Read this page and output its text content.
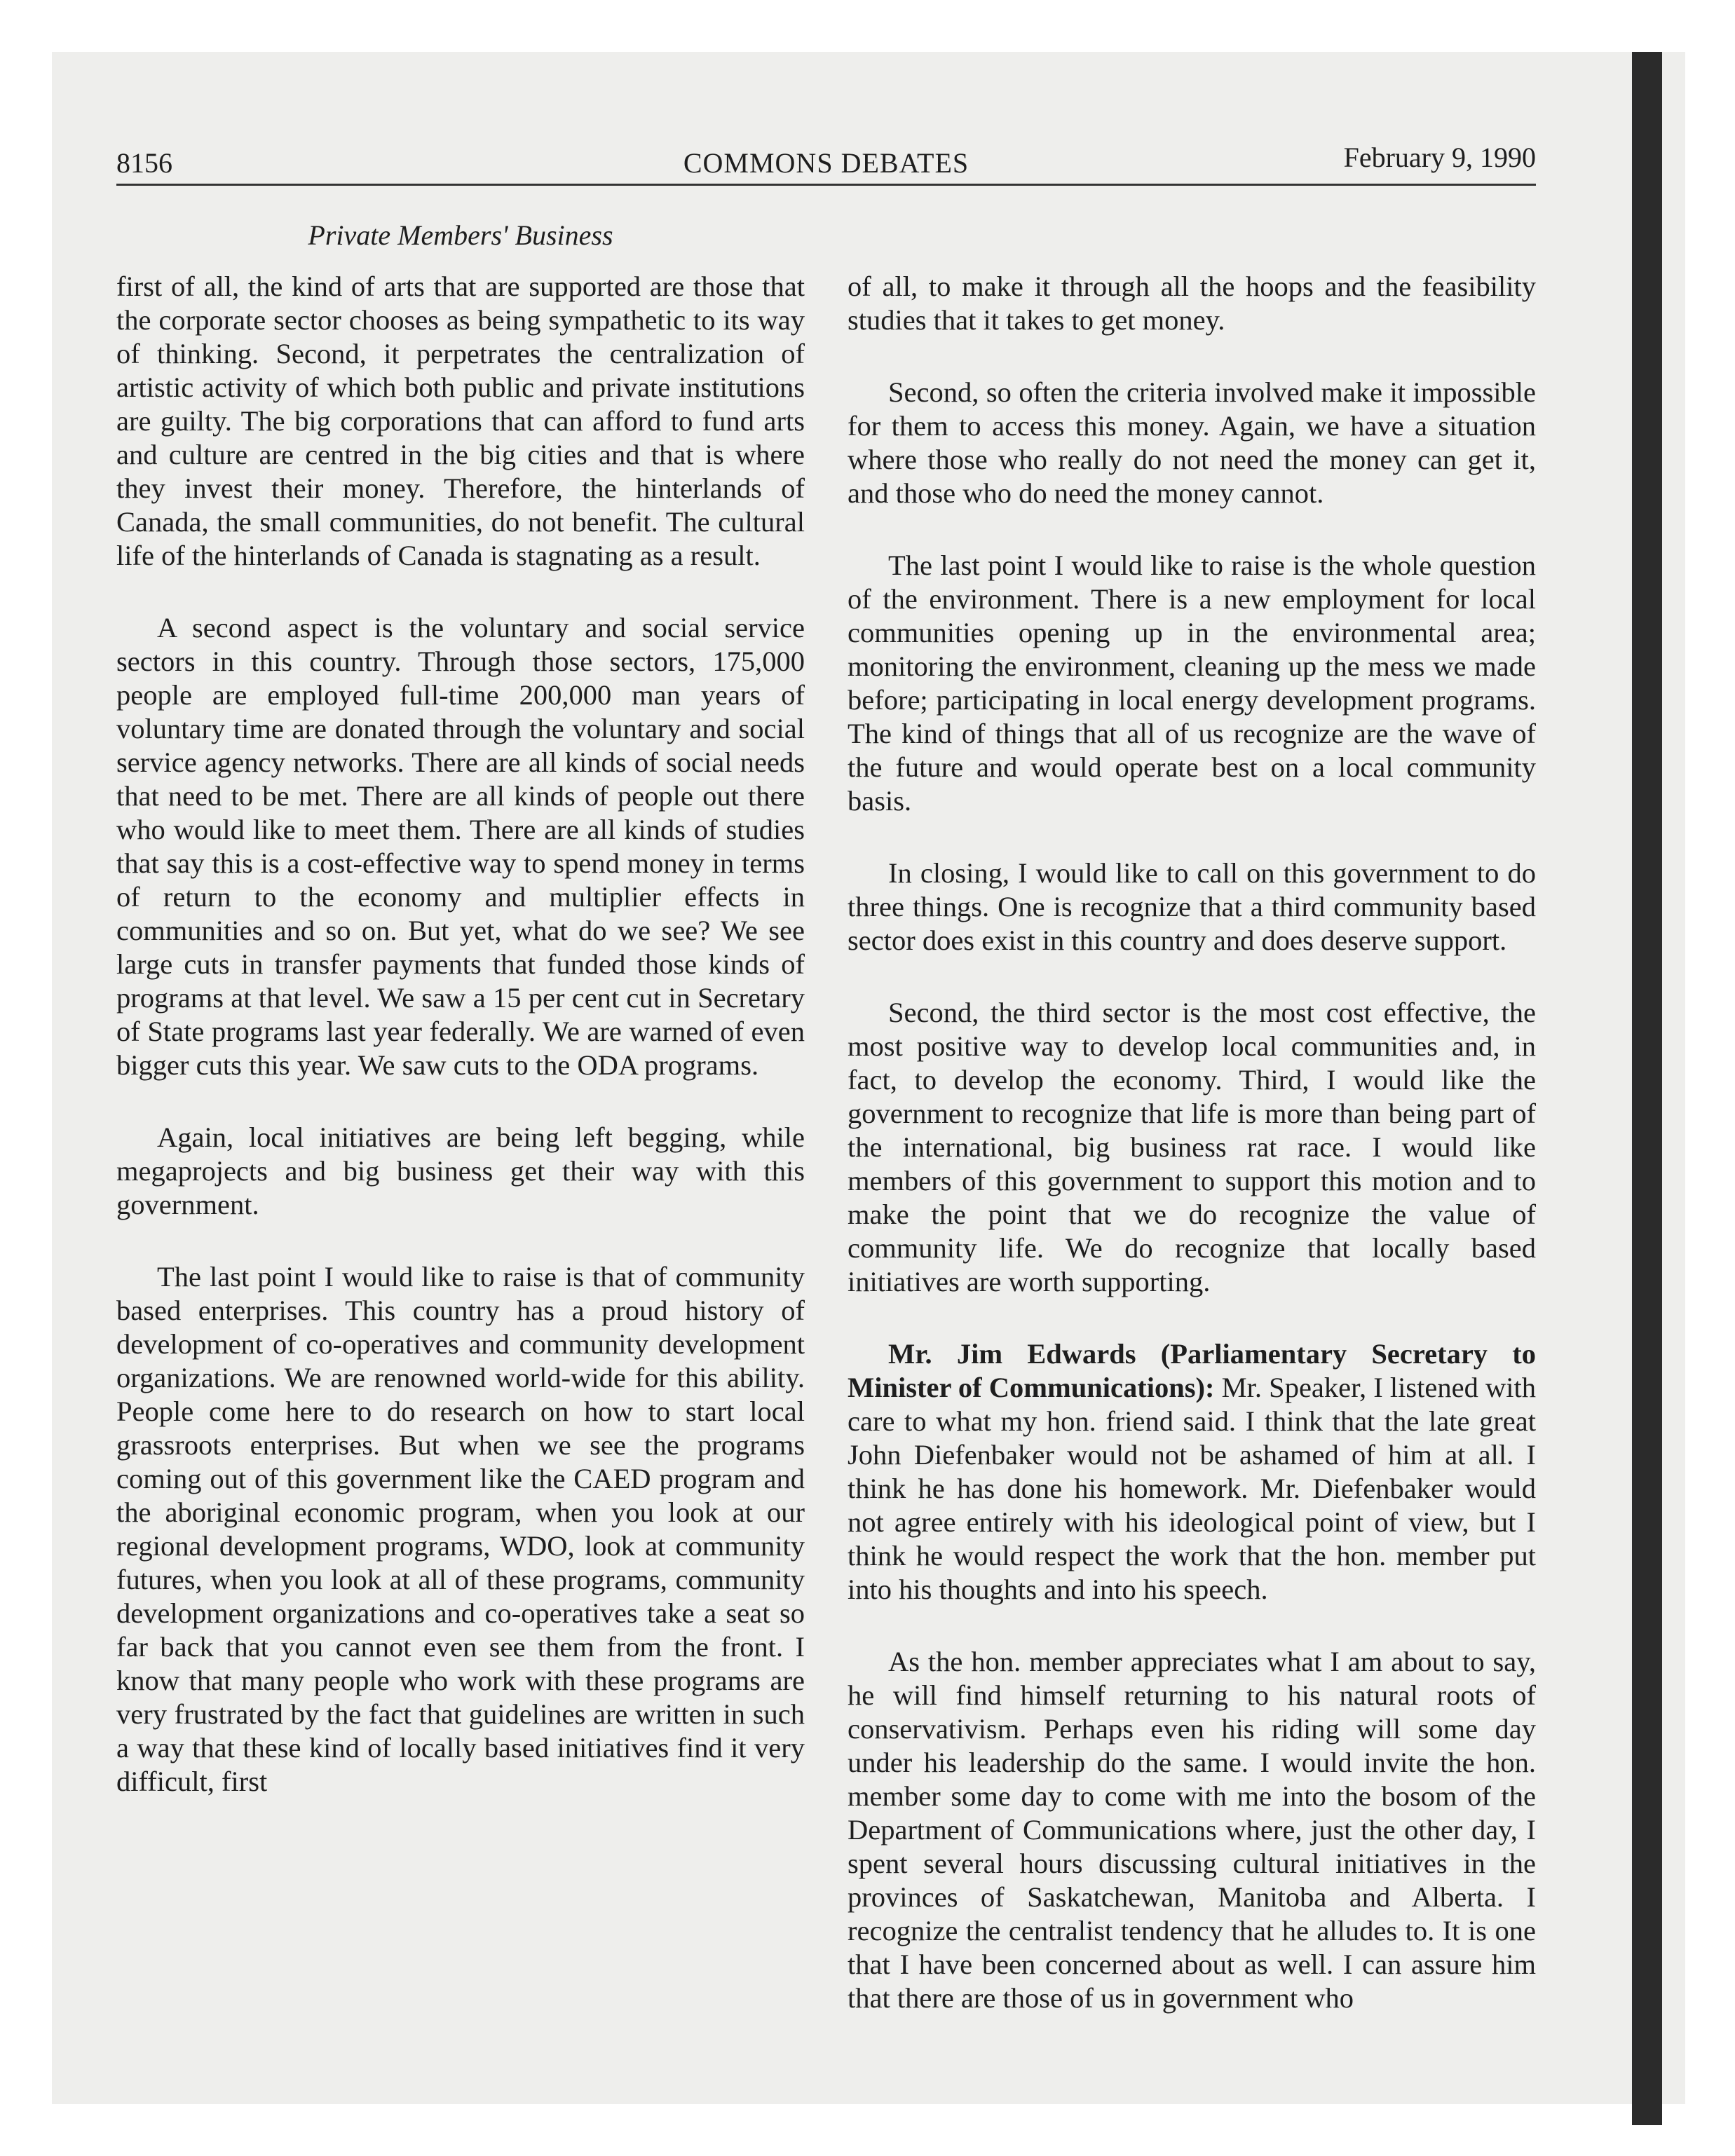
8156	COMMONS DEBATES	February 9, 1990
Private Members' Business

first of all, the kind of arts that are supported are those that the corporate sector chooses as being sympathetic to its way of thinking. Second, it perpetrates the centralization of artistic activity of which both public and private institutions are guilty. The big corporations that can afford to fund arts and culture are centred in the big cities and that is where they invest their money. Therefore, the hinterlands of Canada, the small communities, do not benefit. The cultural life of the hinterlands of Canada is stagnating as a result.

A second aspect is the voluntary and social service sectors in this country. Through those sectors, 175,000 people are employed full-time 200,000 man years of voluntary time are donated through the voluntary and social service agency networks. There are all kinds of social needs that need to be met. There are all kinds of people out there who would like to meet them. There are all kinds of studies that say this is a cost-effective way to spend money in terms of return to the economy and multiplier effects in communities and so on. But yet, what do we see? We see large cuts in transfer payments that funded those kinds of programs at that level. We saw a 15 per cent cut in Secretary of State programs last year federally. We are warned of even bigger cuts this year. We saw cuts to the ODA programs.

Again, local initiatives are being left begging, while megaprojects and big business get their way with this government.

The last point I would like to raise is that of community based enterprises. This country has a proud history of development of co-operatives and community development organizations. We are renowned world-wide for this ability. People come here to do research on how to start local grassroots enterprises. But when we see the programs coming out of this government like the CAED program and the aboriginal economic program, when you look at our regional development programs, WDO, look at community futures, when you look at all of these programs, community development organizations and co-operatives take a seat so far back that you cannot even see them from the front. I know that many people who work with these programs are very frustrated by the fact that guidelines are written in such a way that these kind of locally based initiatives find it very difficult, first

of all, to make it through all the hoops and the feasibility studies that it takes to get money.

Second, so often the criteria involved make it impossible for them to access this money. Again, we have a situation where those who really do not need the money can get it, and those who do need the money cannot.

The last point I would like to raise is the whole question of the environment. There is a new employment for local communities opening up in the environmental area; monitoring the environment, cleaning up the mess we made before; participating in local energy development programs. The kind of things that all of us recognize are the wave of the future and would operate best on a local community basis.

In closing, I would like to call on this government to do three things. One is recognize that a third community based sector does exist in this country and does deserve support.

Second, the third sector is the most cost effective, the most positive way to develop local communities and, in fact, to develop the economy. Third, I would like the government to recognize that life is more than being part of the international, big business rat race. I would like members of this government to support this motion and to make the point that we do recognize the value of community life. We do recognize that locally based initiatives are worth supporting.

Mr. Jim Edwards (Parliamentary Secretary to Minister of Communications): Mr. Speaker, I listened with care to what my hon. friend said. I think that the late great John Diefenbaker would not be ashamed of him at all. I think he has done his homework. Mr. Diefenbaker would not agree entirely with his ideological point of view, but I think he would respect the work that the hon. member put into his thoughts and into his speech.

As the hon. member appreciates what I am about to say, he will find himself returning to his natural roots of conservativism. Perhaps even his riding will some day under his leadership do the same. I would invite the hon. member some day to come with me into the bosom of the Department of Communications where, just the other day, I spent several hours discussing cultural initiatives in the provinces of Saskatchewan, Manitoba and Alberta. I recognize the centralist tendency that he alludes to. It is one that I have been concerned about as well. I can assure him that there are those of us in government who
